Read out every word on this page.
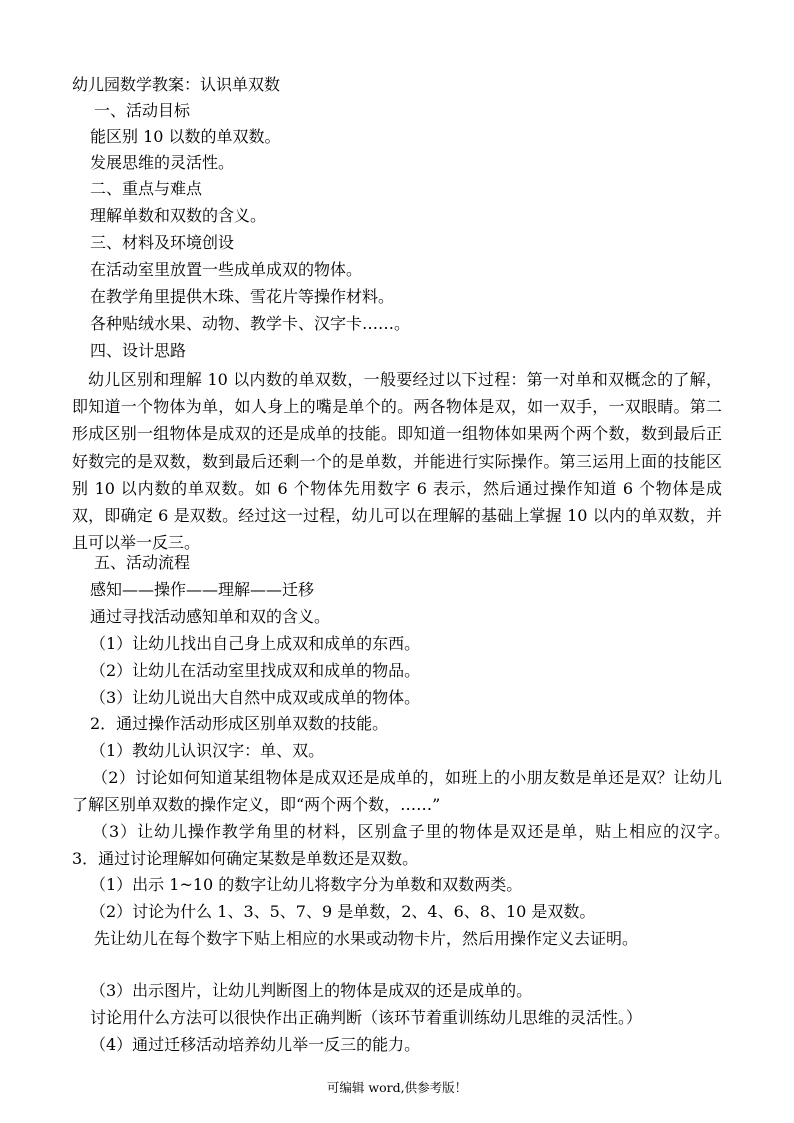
幼儿园数学教案：认识单双数
一、活动目标
能区别 10 以数的单双数。
发展思维的灵活性。
二、重点与难点
理解单数和双数的含义。
三、材料及环境创设
在活动室里放置一些成单成双的物体。
在教学角里提供木珠、雪花片等操作材料。
各种贴绒水果、动物、教学卡、汉字卡……。
四、设计思路
幼儿区别和理解 10 以内数的单双数，一般要经过以下过程：第一对单和双概念的了解，即知道一个物体为单，如人身上的嘴是单个的。两各物体是双，如一双手，一双眼睛。第二形成区别一组物体是成双的还是成单的技能。即知道一组物体如果两个两个数，数到最后正好数完的是双数，数到最后还剩一个的是单数，并能进行实际操作。第三运用上面的技能区别 10 以内数的单双数。如 6 个物体先用数字 6 表示，然后通过操作知道 6 个物体是成双，即确定 6 是双数。经过这一过程，幼儿可以在理解的基础上掌握 10 以内的单双数，并且可以举一反三。
五、活动流程
感知——操作——理解——迁移
通过寻找活动感知单和双的含义。
（1）让幼儿找出自己身上成双和成单的东西。
（2）让幼儿在活动室里找成双和成单的物品。
（3）让幼儿说出大自然中成双或成单的物体。
2．通过操作活动形成区别单双数的技能。
（1）教幼儿认识汉字：单、双。
（2）讨论如何知道某组物体是成双还是成单的，如班上的小朋友数是单还是双？让幼儿了解区别单双数的操作定义，即“两个两个数，……”
（3）让幼儿操作教学角里的材料，区别盒子里的物体是双还是单，贴上相应的汉字。　 3．通过讨论理解如何确定某数是单数还是双数。
（1）出示 1~10 的数字让幼儿将数字分为单数和双数两类。
（2）讨论为什么 1、3、5、7、9 是单数，2、4、6、8、10 是双数。
先让幼儿在每个数字下贴上相应的水果或动物卡片，然后用操作定义去证明。
（3）出示图片，让幼儿判断图上的物体是成双的还是成单的。
讨论用什么方法可以很快作出正确判断（该环节着重训练幼儿思维的灵活性。）
（4）通过迁移活动培养幼儿举一反三的能力。
可编辑 word,供参考版！
